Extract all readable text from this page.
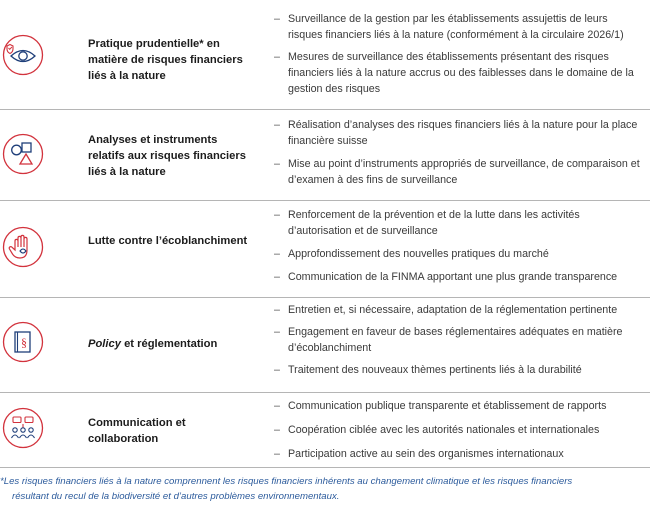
Pratique prudentielle* en matière de risques financiers liés à la nature
– Surveillance de la gestion par les établissements assujettis de leurs risques financiers liés à la nature (conformément à la circulaire 2026/1)
– Mesures de surveillance des établissements présentant des risques financiers liés à la nature accrus ou des faiblesses dans le domaine de la gestion des risques
Analyses et instruments relatifs aux risques financiers liés à la nature
– Réalisation d’analyses des risques financiers liés à la nature pour la place financière suisse
– Mise au point d’instruments appropriés de surveillance, de comparaison et d’examen à des fins de surveillance
Lutte contre l’écoblanchiment
– Renforcement de la prévention et de la lutte dans les activités d’autorisation et de surveillance
– Approfondissement des nouvelles pratiques du marché
– Communication de la FINMA apportant une plus grande transparence
§	Policy et réglementation
– Entretien et, si nécessaire, adaptation de la réglementation pertinente
– Engagement en faveur de bases réglementaires adéquates en matière d’écoblanchiment
– Traitement des nouveaux thèmes pertinents liés à la durabilité
Communication et collaboration
– Communication publique transparente et établissement de rapports
– Coopération ciblée avec les autorités nationales et internationales
– Participation active au sein des organismes internationaux
*Les risques financiers liés à la nature comprennent les risques financiers inhérents au changement climatique et les risques financiers
résultant du recul de la biodiversité et d’autres problèmes environnementaux.
